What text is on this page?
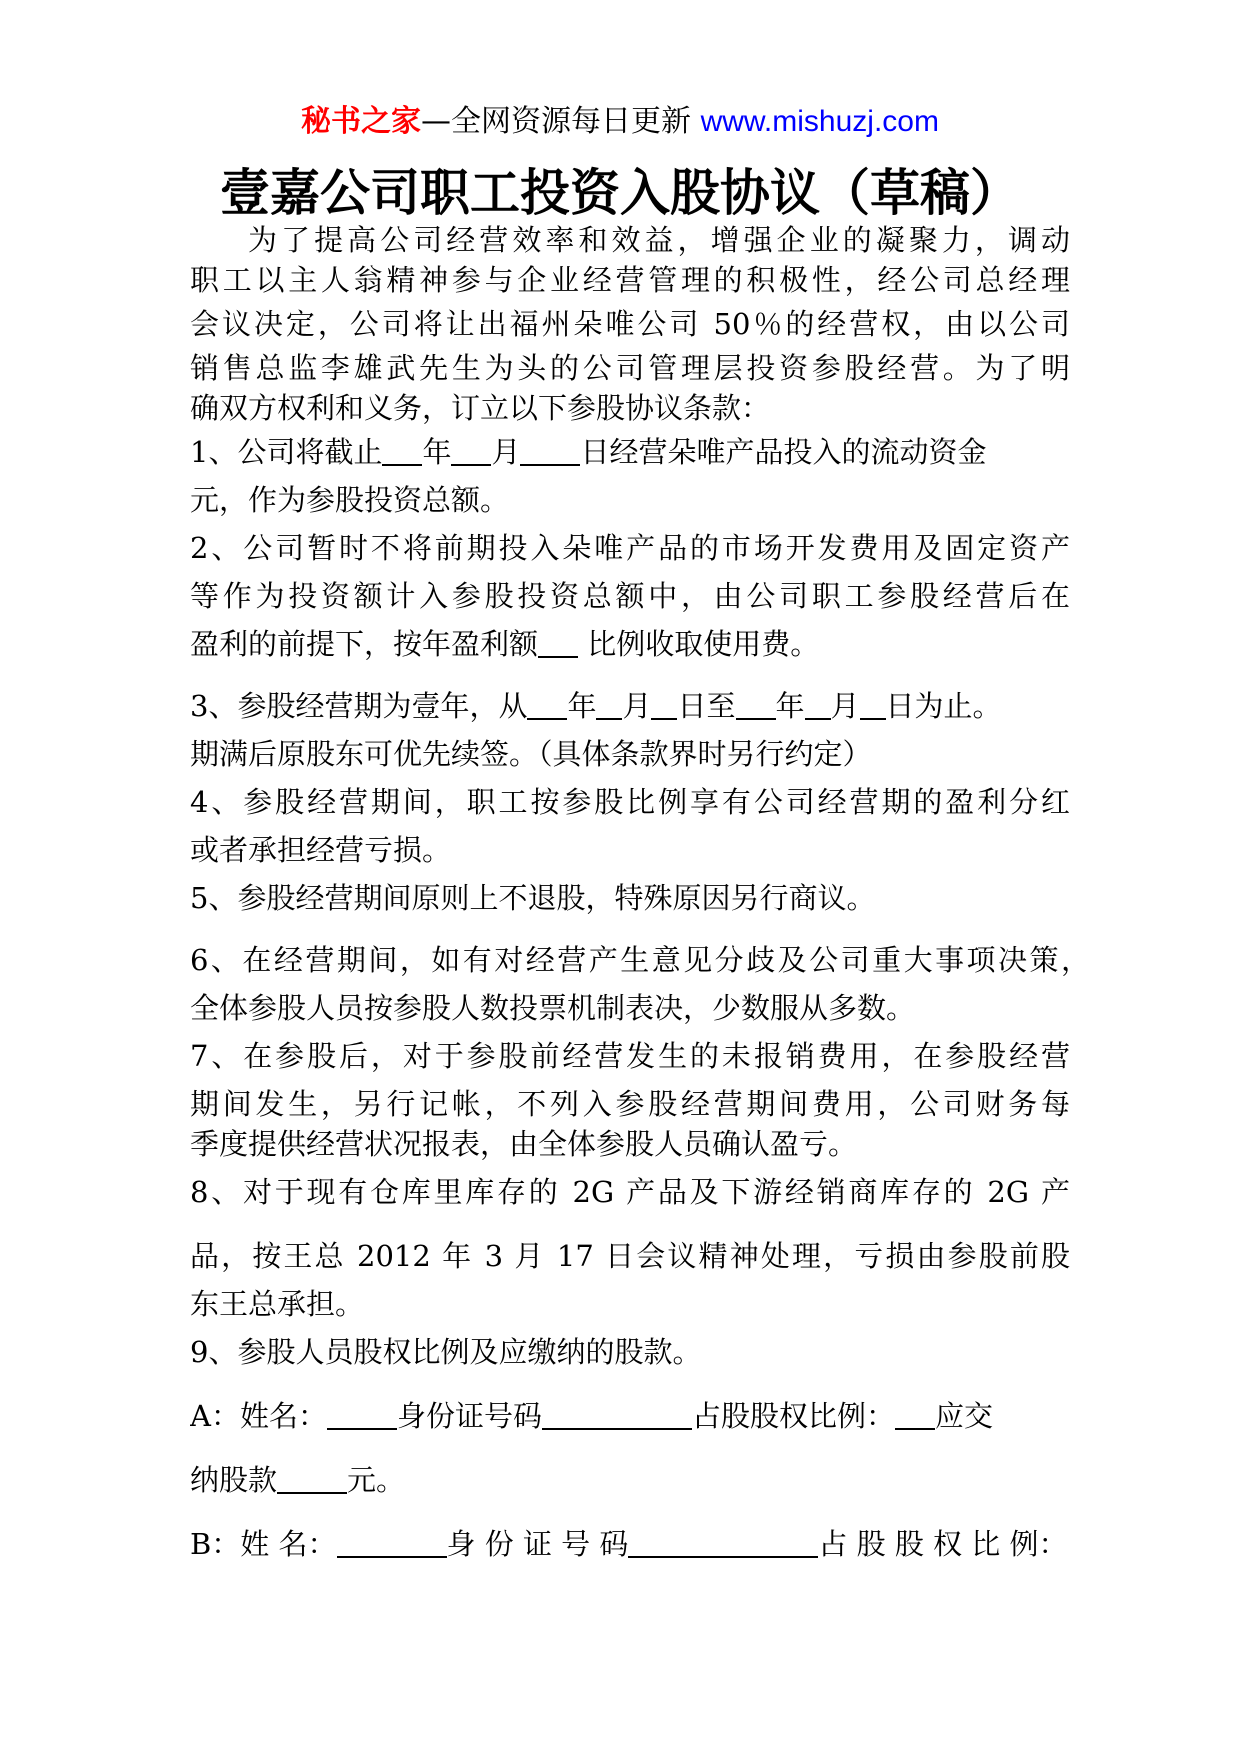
秘书之家—全网资源每日更新 www.mishuzj.com
壹嘉公司职工投资入股协议（草稿）
为了提高公司经营效率和效益，增强企业的凝聚力，调动
职工以主人翁精神参与企业经营管理的积极性，经公司总经理
会议决定，公司将让出福州朵唯公司 50％的经营权，由以公司
销售总监李雄武先生为头的公司管理层投资参股经营。为了明
确双方权利和义务，订立以下参股协议条款：
1、公司将截止 年 月 日经营朵唯产品投入的流动资金
元，作为参股投资总额。
2、公司暂时不将前期投入朵唯产品的市场开发费用及固定资产
等作为投资额计入参股投资总额中，由公司职工参股经营后在
盈利的前提下，按年盈利额 比例收取使用费。
3、参股经营期为壹年，从 年 月 日至 年 月 日为止。
期满后原股东可优先续签。（具体条款界时另行约定）
4、参股经营期间，职工按参股比例享有公司经营期的盈利分红
或者承担经营亏损。
5、参股经营期间原则上不退股，特殊原因另行商议。
6、在经营期间，如有对经营产生意见分歧及公司重大事项决策，
全体参股人员按参股人数投票机制表决，少数服从多数。
7、在参股后，对于参股前经营发生的未报销费用，在参股经营
期间发生，另行记帐，不列入参股经营期间费用，公司财务每
季度提供经营状况报表，由全体参股人员确认盈亏。
8、对于现有仓库里库存的 2G 产品及下游经销商库存的 2G 产
品，按王总 2012 年 3 月 17 日会议精神处理，亏损由参股前股
东王总承担。
9、参股人员股权比例及应缴纳的股款。
A：姓名： 身份证号码	占股股权比例： 应交
纳股款 元。
B：姓 名：	身 份 证 号 码	占 股 股 权 比 例：
